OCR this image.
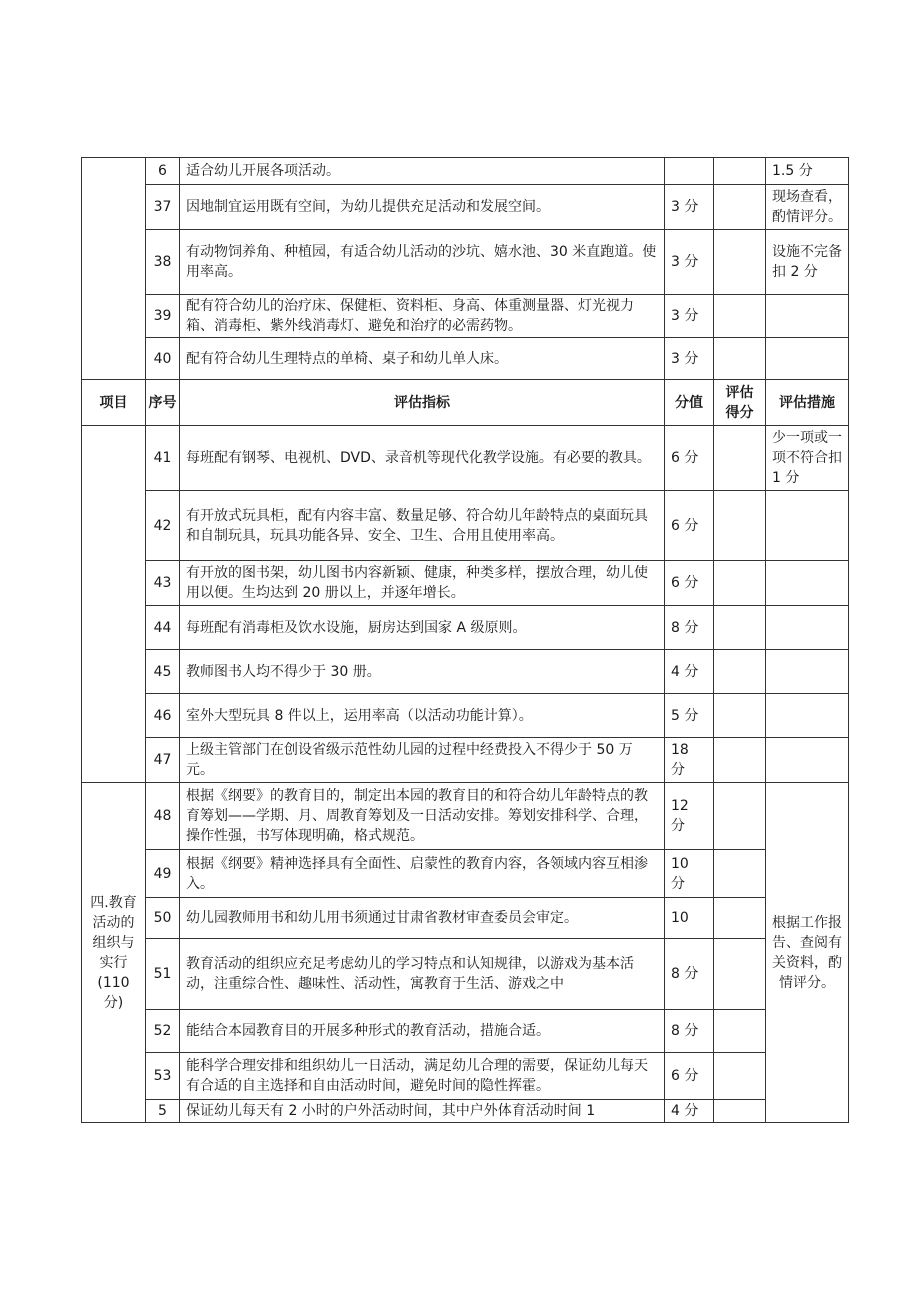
	6	适合幼儿开展各项活动。			1.5 分
	37	因地制宜运用既有空间，为幼儿提供充足活动和发展空间。	3 分		现场查看，酌情评分。
	38	有动物饲养角、种植园，有适合幼儿活动的沙坑、嬉水池、30 米直跑道。使用率高。	3 分		设施不完备扣 2 分
	39	配有符合幼儿的治疗床、保健柜、资料柜、身高、体重测量器、灯光视力箱、消毒柜、紫外线消毒灯、避免和治疗的必需药物。	3 分		
	40	配有符合幼儿生理特点的单椅、桌子和幼儿单人床。	3 分		
项目	序号	评估指标	分值	评估得分	评估措施
	41	每班配有钢琴、电视机、DVD、录音机等现代化教学设施。有必要的教具。	6 分		少一项或一项不符合扣 1 分
	42	有开放式玩具柜，配有内容丰富、数量足够、符合幼儿年龄特点的桌面玩具和自制玩具，玩具功能各异、安全、卫生、合用且使用率高。	6 分		
	43	有开放的图书架，幼儿图书内容新颖、健康，种类多样，摆放合理，幼儿使用以便。生均达到 20 册以上，并逐年增长。	6 分		
	44	每班配有消毒柜及饮水设施，厨房达到国家 A 级原则。	8 分		
	45	教师图书人均不得少于 30 册。	4 分		
	46	室外大型玩具 8 件以上，运用率高（以活动功能计算）。	5 分		
	47	上级主管部门在创设省级示范性幼儿园的过程中经费投入不得少于 50 万元。	18 分		
四.教育活动的组织与实行(110 分)	48	根据《纲要》的教育目的，制定出本园的教育目的和符合幼儿年龄特点的教育筹划——学期、月、周教育筹划及一日活动安排。筹划安排科学、合理，操作性强，书写体现明确，格式规范。	12 分		根据工作报告、查阅有关资料，酌情评分。
	49	根据《纲要》精神选择具有全面性、启蒙性的教育内容，各领域内容互相渗入。	10 分		
	50	幼儿园教师用书和幼儿用书须通过甘肃省教材审查委员会审定。	10		
	51	教育活动的组织应充足考虑幼儿的学习特点和认知规律，以游戏为基本活动，注重综合性、趣味性、活动性，寓教育于生活、游戏之中	8 分		
	52	能结合本园教育目的开展多种形式的教育活动，措施合适。	8 分		
	53	能科学合理安排和组织幼儿一日活动，满足幼儿合理的需要，保证幼儿每天有合适的自主选择和自由活动时间，避免时间的隐性挥霍。	6 分		
	5	保证幼儿每天有 2 小时的户外活动时间，其中户外体育活动时间 1	4 分		
